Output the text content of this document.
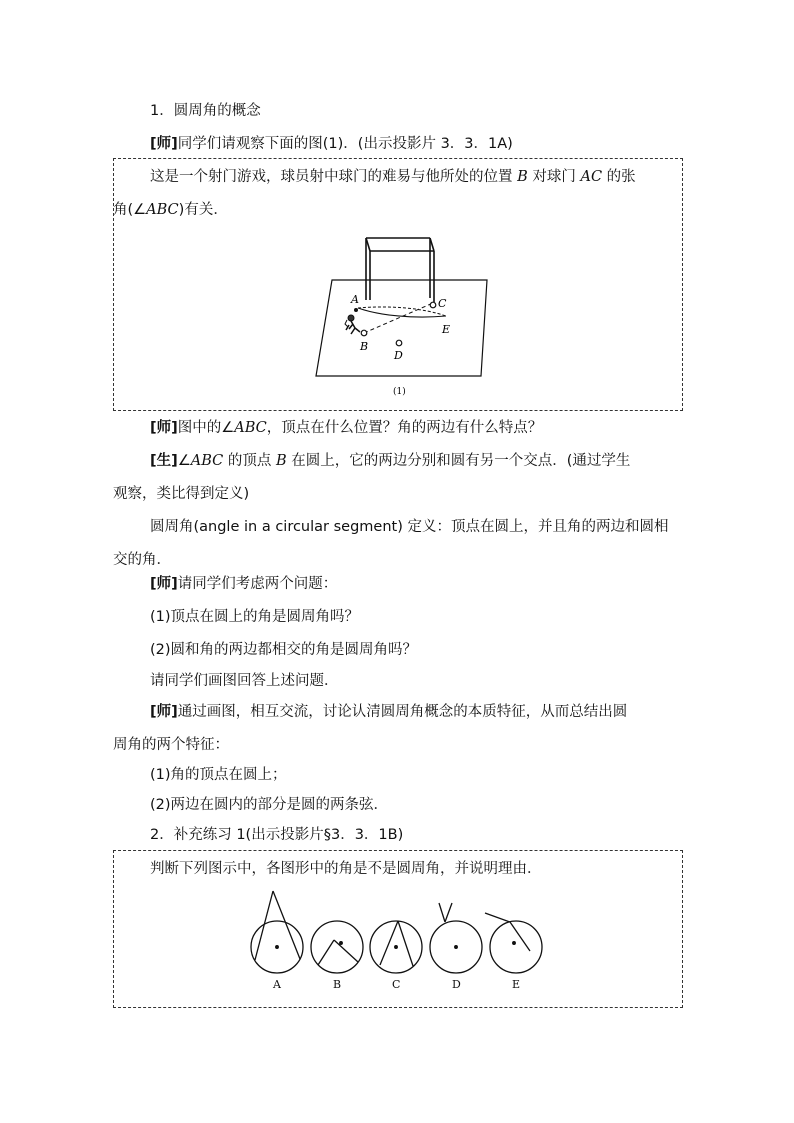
1．圆周角的概念
[师]同学们请观察下面的图(1)．(出示投影片 3．3．1A)
这是一个射门游戏，球员射中球门的难易与他所处的位置 B 对球门 AC 的张
角(∠ABC)有关．
A
B
C
D
E
(1)
[师]图中的∠ABC，顶点在什么位置？角的两边有什么特点？
[生]∠ABC 的顶点 B 在圆上，它的两边分别和圆有另一个交点．(通过学生
观察，类比得到定义)
圆周角(angle in a circular segment) 定义：顶点在圆上，并且角的两边和圆相
交的角．
[师]请同学们考虑两个问题：
(1)顶点在圆上的角是圆周角吗？
(2)圆和角的两边都相交的角是圆周角吗？
请同学们画图回答上述问题．
[师]通过画图，相互交流，讨论认清圆周角概念的本质特征，从而总结出圆
周角的两个特征：
(1)角的顶点在圆上；
(2)两边在圆内的部分是圆的两条弦．
2．补充练习 1(出示投影片§3．3．1B)
判断下列图示中，各图形中的角是不是圆周角，并说明理由．
A	B	C	D	E
